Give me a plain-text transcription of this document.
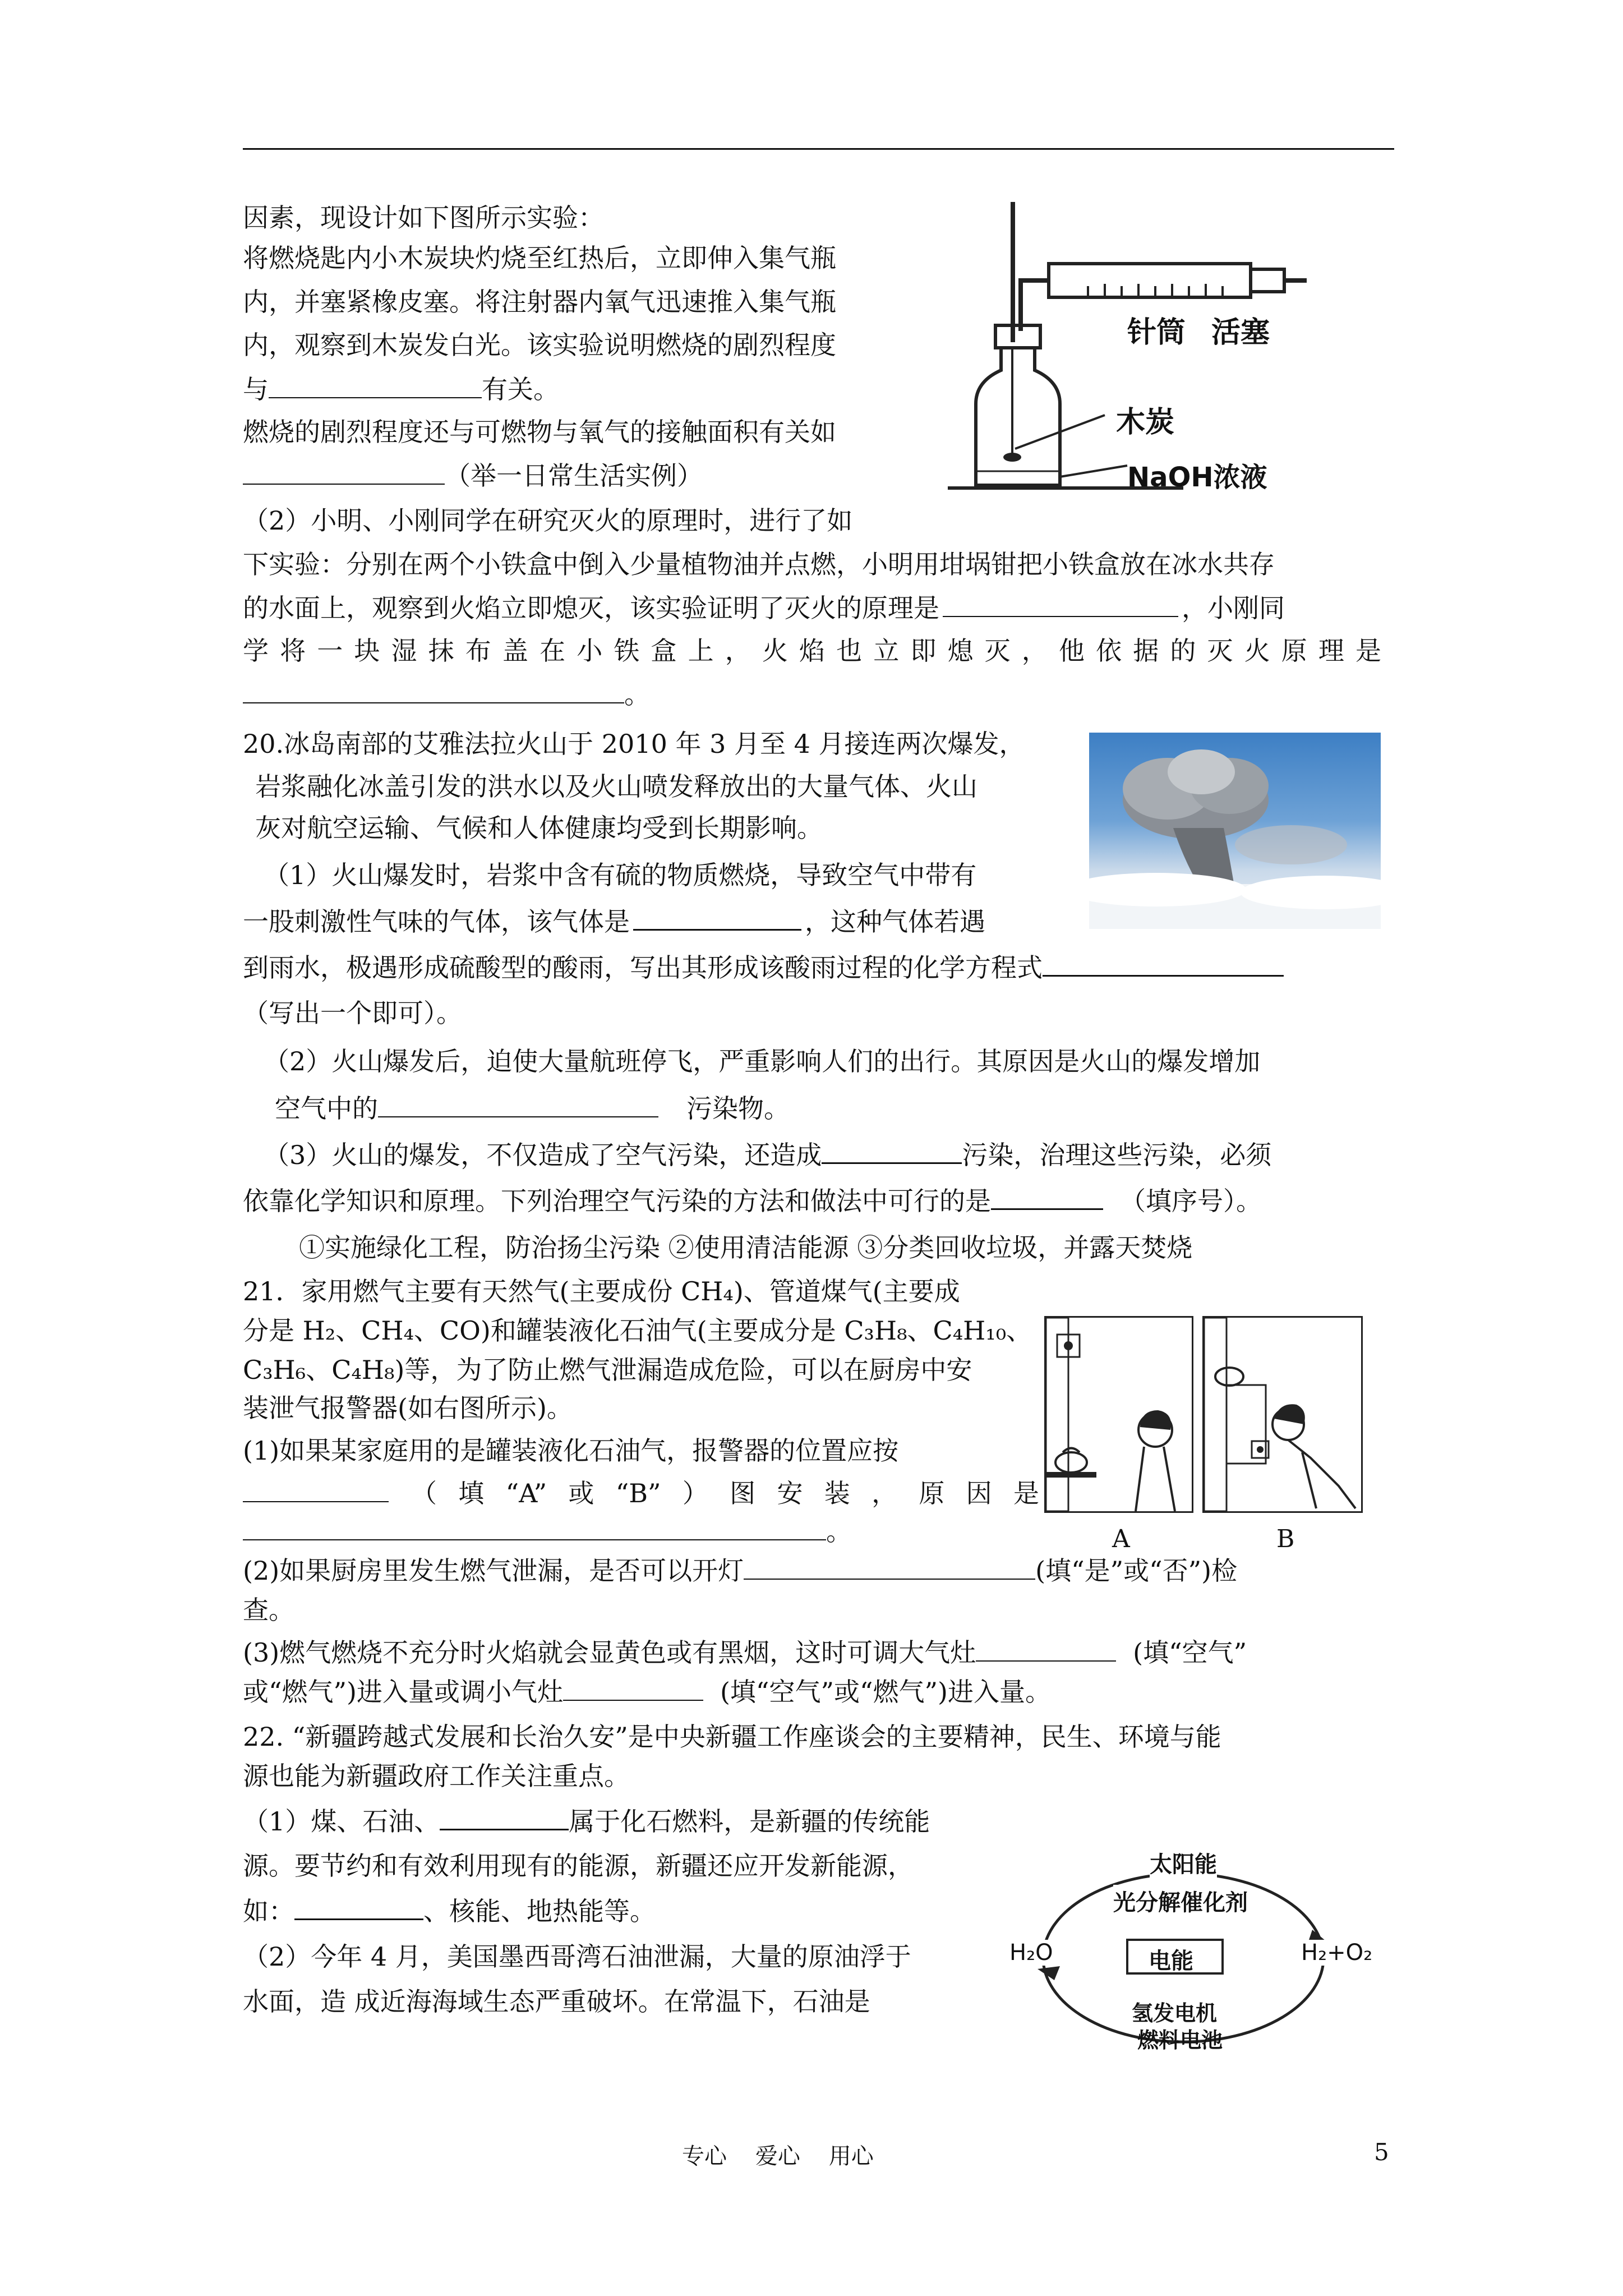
因素，现设计如下图所示实验：
将燃烧匙内小木炭块灼烧至红热后，立即伸入集气瓶
内，并塞紧橡皮塞。将注射器内氧气迅速推入集气瓶
内，观察到木炭发白光。该实验说明燃烧的剧烈程度
与	有关。
燃烧的剧烈程度还与可燃物与氧气的接触面积有关如
（举一日常生活实例）
（2）小明、小刚同学在研究灭火的原理时，进行了如
下实验：分别在两个小铁盒中倒入少量植物油并点燃，小明用坩埚钳把小铁盒放在冰水共存
的水面上，观察到火焰立即熄灭，该实验证明了灭火的原理是	，小刚同
学将一块湿抹布盖在小铁盒上，火焰也立即熄灭，他依据的灭火原理是
。
针筒 活塞
木炭
NaOH浓液
20.冰岛南部的艾雅法拉火山于 2010 年 3 月至 4 月接连两次爆发，
岩浆融化冰盖引发的洪水以及火山喷发释放出的大量气体、火山
灰对航空运输、气候和人体健康均受到长期影响。
（1）火山爆发时，岩浆中含有硫的物质燃烧，导致空气中带有
一股刺激性气味的气体，该气体是	，这种气体若遇
到雨水，极遇形成硫酸型的酸雨，写出其形成该酸雨过程的化学方程式
（写出一个即可）。
（2）火山爆发后，迫使大量航班停飞，严重影响人们的出行。其原因是火山的爆发增加
空气中的	污染物。
（3）火山的爆发，不仅造成了空气污染，还造成	污染，治理这些污染，必须
依靠化学知识和原理。下列治理空气污染的方法和做法中可行的是	（填序号）。
①实施绿化工程，防治扬尘污染 ②使用清洁能源 ③分类回收垃圾，并露天焚烧
21．家用燃气主要有天然气(主要成份 CH₄)、管道煤气(主要成
分是 H₂、CH₄、CO)和罐装液化石油气(主要成分是 C₃H₈、C₄H₁₀、
C₃H₆、C₄H₈)等，为了防止燃气泄漏造成危险，可以在厨房中安
装泄气报警器(如右图所示)。
(1)如果某家庭用的是罐装液化石油气，报警器的位置应按
（填“A”或“B”）图安装，原因是
。
(2)如果厨房里发生燃气泄漏，是否可以开灯	(填“是”或“否”)检
查。
(3)燃气燃烧不充分时火焰就会显黄色或有黑烟，这时可调大气灶	(填“空气”
或“燃气”)进入量或调小气灶	(填“空气”或“燃气”)进入量。
A	B
22. “新疆跨越式发展和长治久安”是中央新疆工作座谈会的主要精神，民生、环境与能
源也能为新疆政府工作关注重点。
（1）煤、石油、	属于化石燃料，是新疆的传统能
源。要节约和有效利用现有的能源，新疆还应开发新能源，
如：	、核能、地热能等。
（2）今年 4 月，美国墨西哥湾石油泄漏，大量的原油浮于
水面，造 成近海海域生态严重破坏。在常温下，石油是
太阳能
光分解催化剂
H₂O	H₂+O₂
电能
氢发电机
燃料电池
专心    爱心    用心	5
